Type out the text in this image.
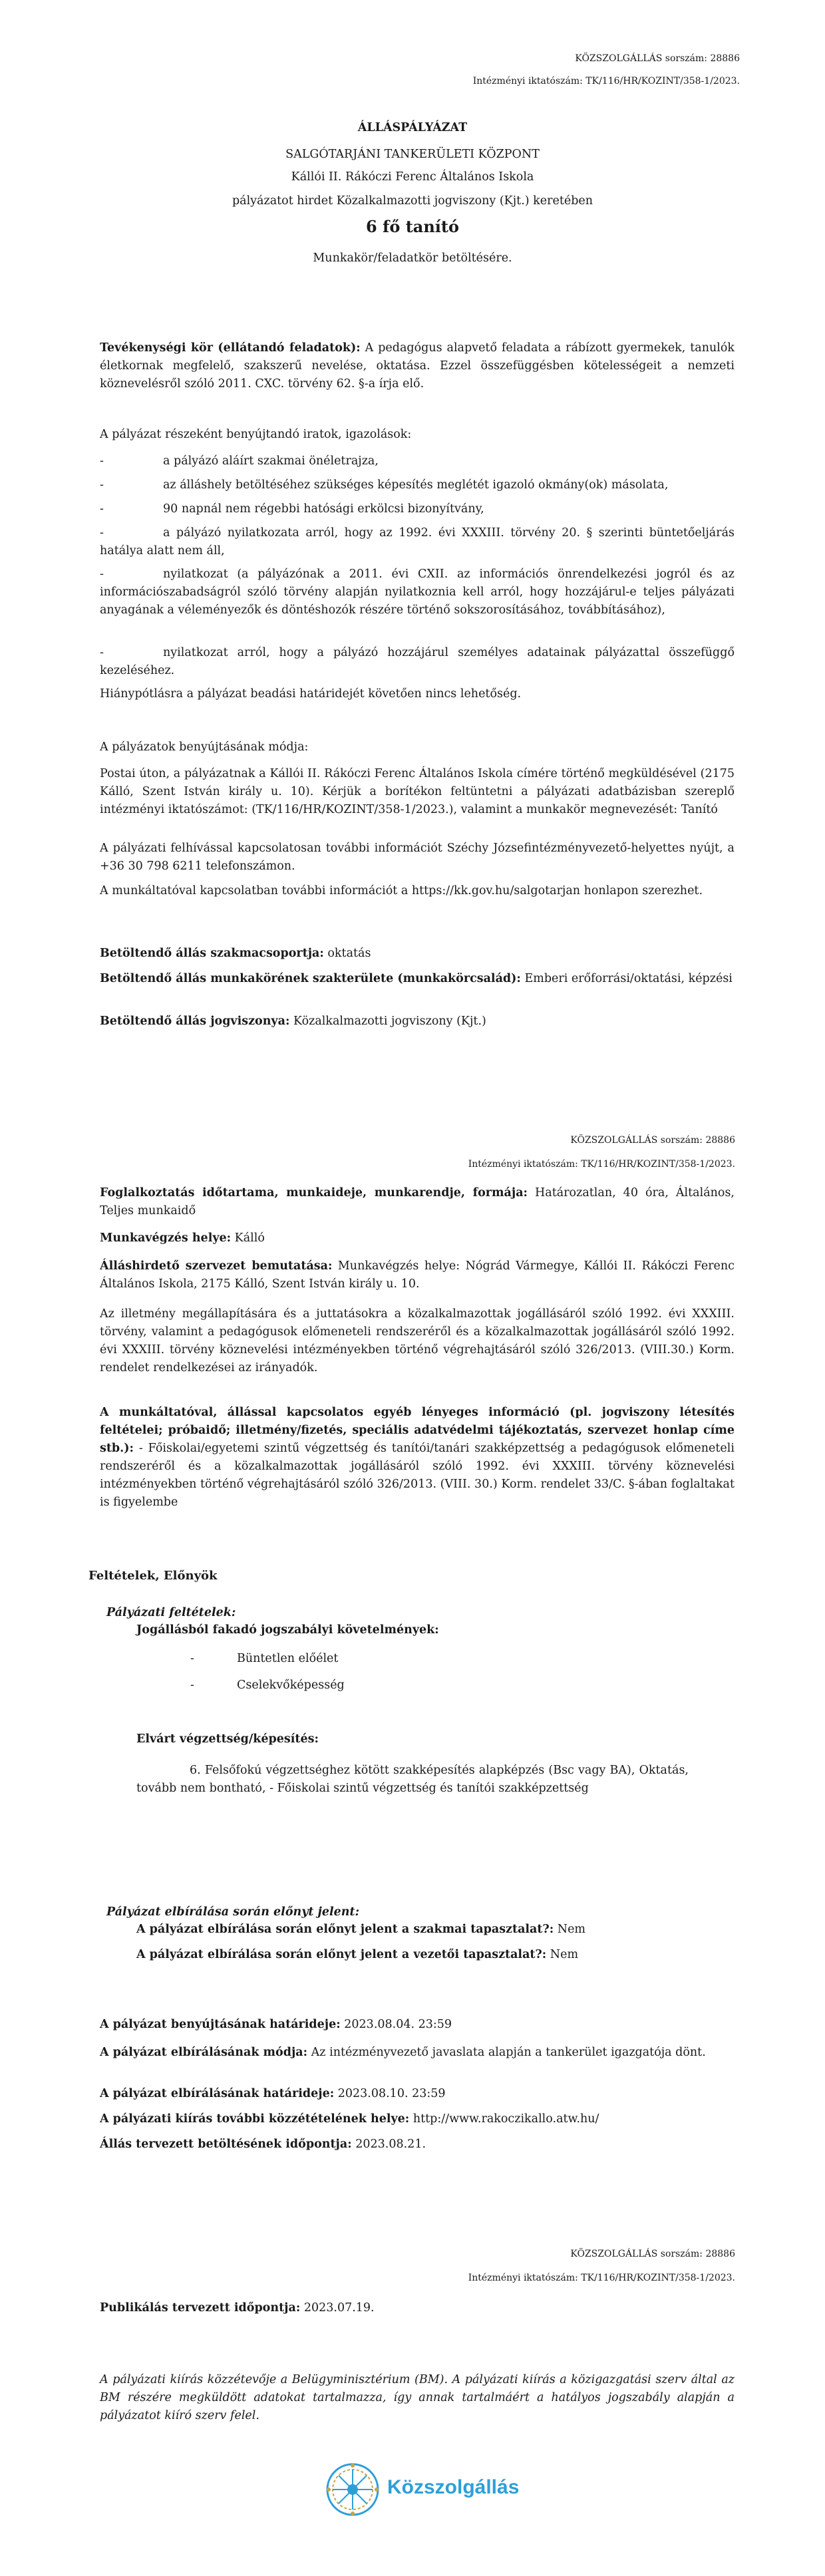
KÖZSZOLGÁLLÁS sorszám: 28886
Intézményi iktatószám: TK/116/HR/KOZINT/358-1/2023.
ÁLLÁSPÁLYÁZAT
SALGÓTARJÁNI TANKERÜLETI KÖZPONT
Kállói II. Rákóczi Ferenc Általános Iskola
pályázatot hirdet Közalkalmazotti jogviszony (Kjt.) keretében
6 fő tanító
Munkakör/feladatkör betöltésére.
Tevékenységi kör (ellátandó feladatok): A pedagógus alapvető feladata a rábízott gyermekek, tanulók életkornak megfelelő, szakszerű nevelése, oktatása. Ezzel összefüggésben kötelességeit a nemzeti köznevelésről szóló 2011. CXC. törvény 62. §-a írja elő.
A pályázat részeként benyújtandó iratok, igazolások:
-	a pályázó aláírt szakmai önéletrajza,
-	az álláshely betöltéséhez szükséges képesítés meglétét igazoló okmány(ok) másolata,
-	90 napnál nem régebbi hatósági erkölcsi bizonyítvány,
-	a pályázó nyilatkozata arról, hogy az 1992. évi XXXIII. törvény 20. § szerinti büntetőeljárás hatálya alatt nem áll,
-	nyilatkozat (a pályázónak a 2011. évi CXII. az információs önrendelkezési jogról és az információszabadságról szóló törvény alapján nyilatkoznia kell arról, hogy hozzájárul-e teljes pályázati anyagának a véleményezők és döntéshozók részére történő sokszorosításához, továbbításához),
-	nyilatkozat arról, hogy a pályázó hozzájárul személyes adatainak pályázattal összefüggő kezeléséhez.
Hiánypótlásra a pályázat beadási határidejét követően nincs lehetőség.
A pályázatok benyújtásának módja:
Postai úton, a pályázatnak a Kállói II. Rákóczi Ferenc Általános Iskola címére történő megküldésével (2175 Kálló, Szent István király u. 10). Kérjük a borítékon feltüntetni a pályázati adatbázisban szereplő intézményi iktatószámot: (TK/116/HR/KOZINT/358-1/2023.), valamint a munkakör megnevezését: Tanító
A pályázati felhívással kapcsolatosan további információt Széchy Józsefintézményvezető-helyettes nyújt, a +36 30 798 6211 telefonszámon.
A munkáltatóval kapcsolatban további információt a https://kk.gov.hu/salgotarjan honlapon szerezhet.
Betöltendő állás szakmacsoportja: oktatás
Betöltendő állás munkakörének szakterülete (munkakörcsalád): Emberi erőforrási/oktatási, képzési
Betöltendő állás jogviszonya: Közalkalmazotti jogviszony (Kjt.)
KÖZSZOLGÁLLÁS sorszám: 28886
Intézményi iktatószám: TK/116/HR/KOZINT/358-1/2023.
Foglalkoztatás időtartama, munkaideje, munkarendje, formája: Határozatlan, 40 óra, Általános, Teljes munkaidő
Munkavégzés helye: Kálló
Álláshirdető szervezet bemutatása: Munkavégzés helye: Nógrád Vármegye, Kállói II. Rákóczi Ferenc Általános Iskola, 2175 Kálló, Szent István király u. 10.
Az illetmény megállapítására és a juttatásokra a közalkalmazottak jogállásáról szóló 1992. évi XXXIII. törvény, valamint a pedagógusok előmeneteli rendszeréről és a közalkalmazottak jogállásáról szóló 1992. évi XXXIII. törvény köznevelési intézményekben történő végrehajtásáról szóló 326/2013. (VIII.30.) Korm. rendelet rendelkezései az irányadók.
A munkáltatóval, állással kapcsolatos egyéb lényeges információ (pl. jogviszony létesítés feltételei; próbaidő; illetmény/fizetés, speciális adatvédelmi tájékoztatás, szervezet honlap címe stb.): - Főiskolai/egyetemi szintű végzettség és tanítói/tanári szakképzettség a pedagógusok előmeneteli rendszeréről és a közalkalmazottak jogállásáról szóló 1992. évi XXXIII. törvény köznevelési intézményekben történő végrehajtásáról szóló 326/2013. (VIII. 30.) Korm. rendelet 33/C. §-ában foglaltakat is figyelembe
Feltételek, Előnyök
Pályázati feltételek:
Jogállásból fakadó jogszabályi követelmények:
-	Büntetlen előélet
-	Cselekvőképesség
Elvárt végzettség/képesítés:
6. Felsőfokú végzettséghez kötött szakképesítés alapképzés (Bsc vagy BA), Oktatás, tovább nem bontható, - Főiskolai szintű végzettség és tanítói szakképzettség
Pályázat elbírálása során előnyt jelent:
A pályázat elbírálása során előnyt jelent a szakmai tapasztalat?: Nem
A pályázat elbírálása során előnyt jelent a vezetői tapasztalat?: Nem
A pályázat benyújtásának határideje: 2023.08.04. 23:59
A pályázat elbírálásának módja: Az intézményvezető javaslata alapján a tankerület igazgatója dönt.
A pályázat elbírálásának határideje: 2023.08.10. 23:59
A pályázati kiírás további közzétételének helye: http://www.rakoczikallo.atw.hu/
Állás tervezett betöltésének időpontja: 2023.08.21.
KÖZSZOLGÁLLÁS sorszám: 28886
Intézményi iktatószám: TK/116/HR/KOZINT/358-1/2023.
Publikálás tervezett időpontja: 2023.07.19.
A pályázati kiírás közzétevője a Belügyminisztérium (BM). A pályázati kiírás a közigazgatási szerv által az BM részére megküldött adatokat tartalmazza, így annak tartalmáért a hatályos jogszabály alapján a pályázatot kiíró szerv felel.
Közszolgállás
